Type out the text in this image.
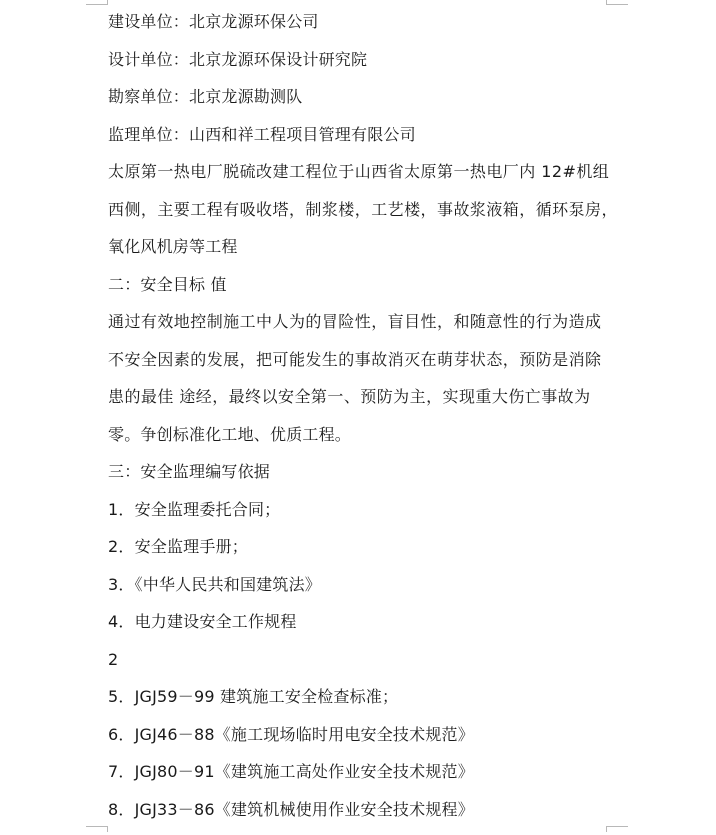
建设单位：北京龙源环保公司
设计单位：北京龙源环保设计研究院
勘察单位：北京龙源勘测队
监理单位：山西和祥工程项目管理有限公司
太原第一热电厂脱硫改建工程位于山西省太原第一热电厂内 12#机组
西侧，主要工程有吸收塔，制浆楼，工艺楼，事故浆液箱，循环泵房，
氧化风机房等工程
二：安全目标 值
通过有效地控制施工中人为的冒险性，盲目性，和随意性的行为造成
不安全因素的发展，把可能发生的事故消灭在萌芽状态，预防是消除
患的最佳 途经，最终以安全第一、预防为主，实现重大伤亡事故为
零。争创标准化工地、优质工程。
三：安全监理编写依据
1．安全监理委托合同；
2．安全监理手册；
3．《中华人民共和国建筑法》
4．电力建设安全工作规程
2
5．JGJ59－99 建筑施工安全检查标准；
6．JGJ46－88《施工现场临时用电安全技术规范》
7．JGJ80－91《建筑施工高处作业安全技术规范》
8．JGJ33－86《建筑机械使用作业安全技术规程》
